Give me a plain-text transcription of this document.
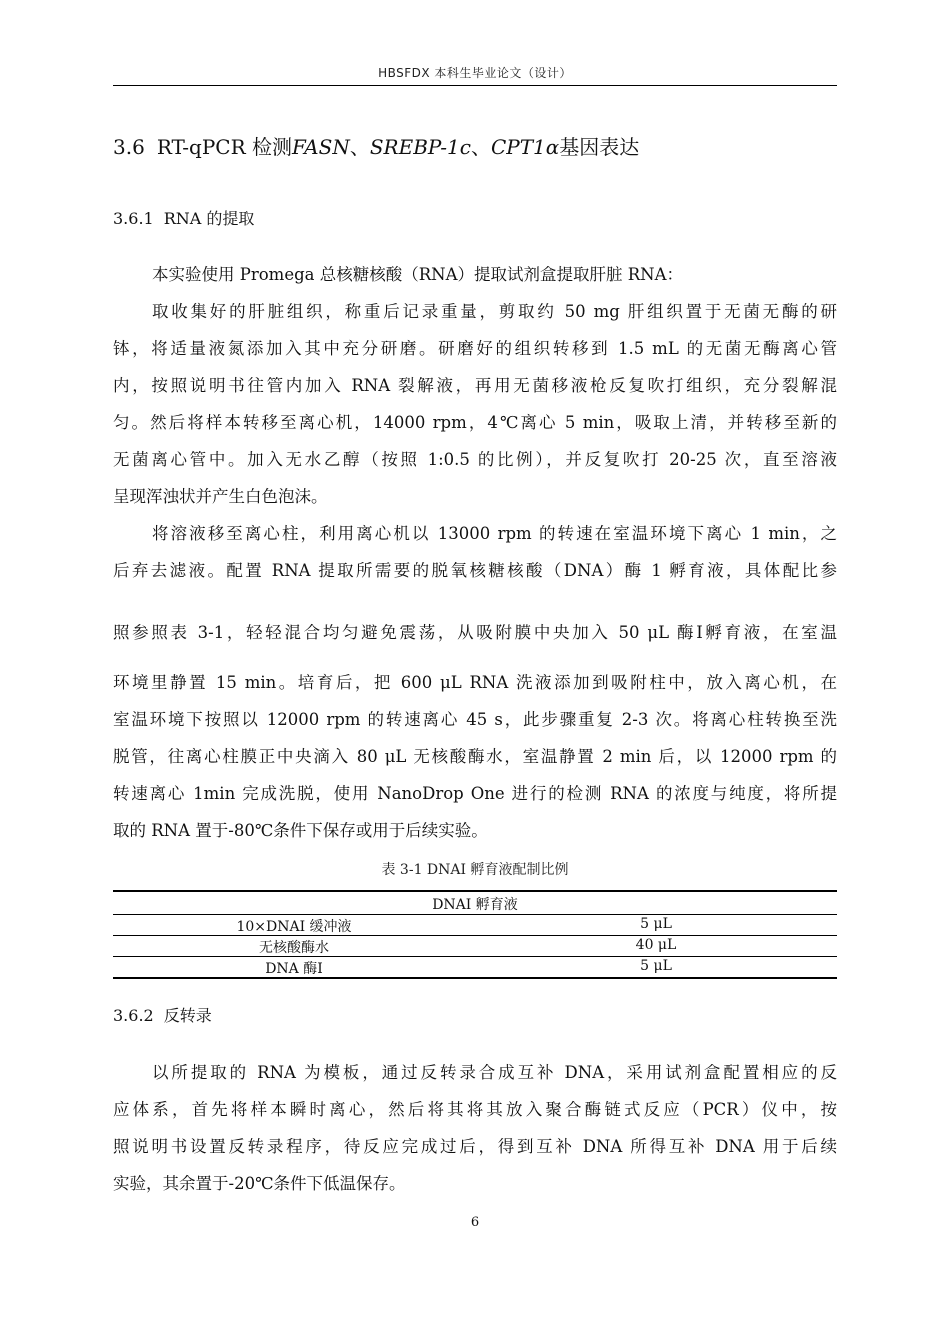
HBSFDX 本科生毕业论文（设计）
3.6 RT-qPCR 检测FASN、SREBP-1c、CPT1α基因表达
3.6.1 RNA 的提取
本实验使用 Promega 总核糖核酸（RNA）提取试剂盒提取肝脏 RNA：
取收集好的肝脏组织，称重后记录重量，剪取约 50 mg 肝组织置于无菌无酶的研
钵，将适量液氮添加入其中充分研磨。研磨好的组织转移到 1.5 mL 的无菌无酶离心管
内，按照说明书往管内加入 RNA 裂解液，再用无菌移液枪反复吹打组织，充分裂解混
匀。然后将样本转移至离心机，14000 rpm，4℃离心 5 min，吸取上清，并转移至新的
无菌离心管中。加入无水乙醇（按照 1:0.5 的比例），并反复吹打 20-25 次，直至溶液
呈现浑浊状并产生白色泡沫。
将溶液移至离心柱，利用离心机以 13000 rpm 的转速在室温环境下离心 1 min，之
后弃去滤液。配置 RNA 提取所需要的脱氧核糖核酸（DNA）酶 1 孵育液，具体配比参
照参照表 3-1，轻轻混合均匀避免震荡，从吸附膜中央加入 50 μL 酶Ⅰ孵育液，在室温
环境里静置 15 min。培育后，把 600 μL RNA 洗液添加到吸附柱中，放入离心机，在
室温环境下按照以 12000 rpm 的转速离心 45 s，此步骤重复 2-3 次。将离心柱转换至洗
脱管，往离心柱膜正中央滴入 80 μL 无核酸酶水，室温静置 2 min 后，以 12000 rpm 的
转速离心 1min 完成洗脱，使用 NanoDrop One 进行的检测 RNA 的浓度与纯度，将所提
取的 RNA 置于-80℃条件下保存或用于后续实验。
表 3-1 DNAI 孵育液配制比例
DNAI 孵育液
10×DNAI 缓冲液	5 μL
无核酸酶水	40 μL
DNA 酶Ⅰ	5 μL
3.6.2 反转录
以所提取的 RNA 为模板，通过反转录合成互补 DNA，采用试剂盒配置相应的反
应体系，首先将样本瞬时离心，然后将其将其放入聚合酶链式反应（PCR）仪中，按
照说明书设置反转录程序，待反应完成过后，得到互补 DNA 所得互补 DNA 用于后续
实验，其余置于-20℃条件下低温保存。
6
